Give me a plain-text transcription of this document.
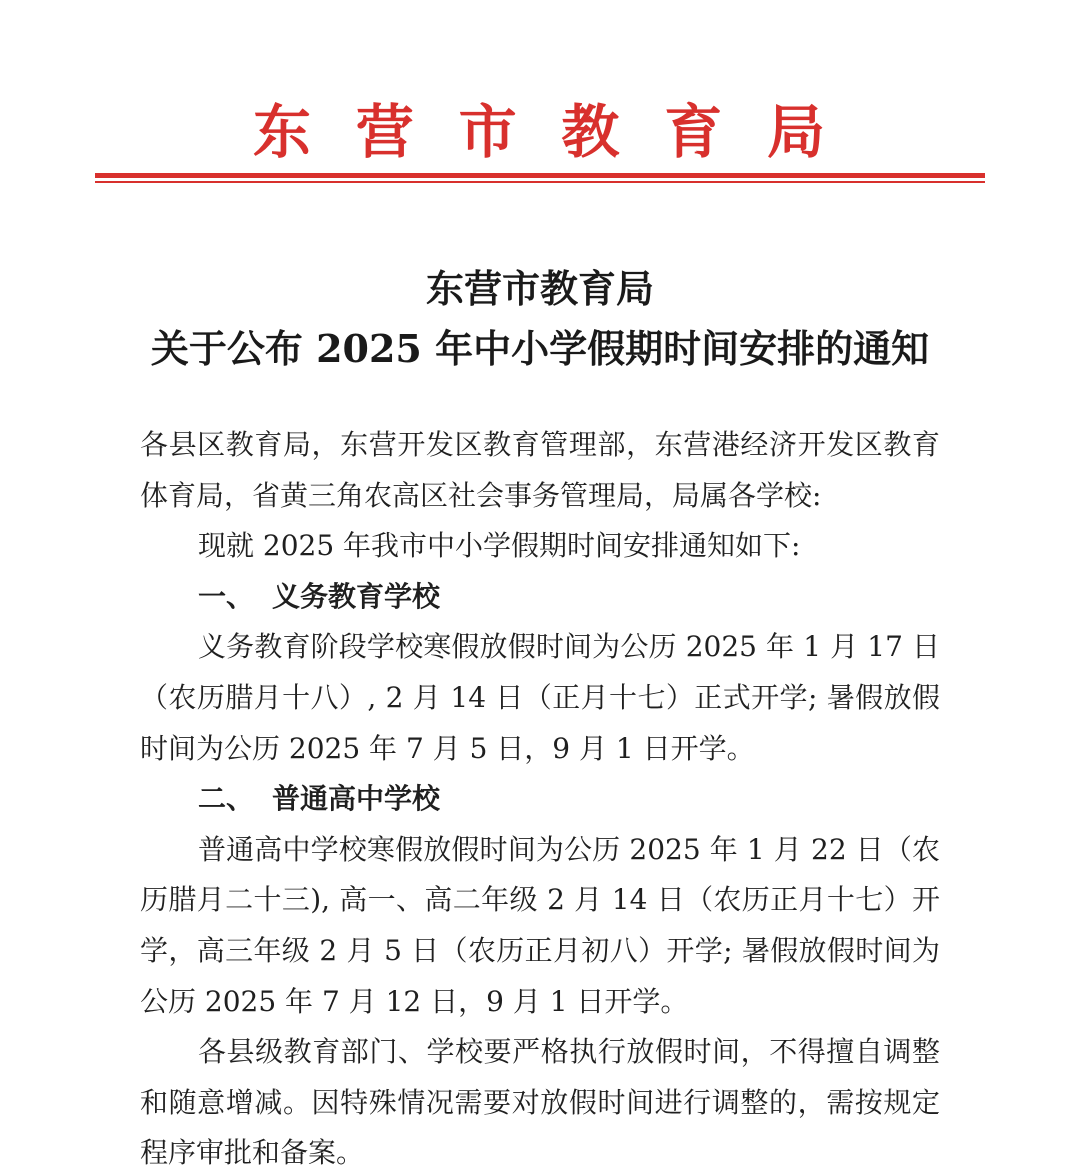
东 营 市 教 育 局
东营市教育局
关于公布 2025 年中小学假期时间安排的通知

各县区教育局，东营开发区教育管理部，东营港经济开发区教育体育局，省黄三角农高区社会事务管理局，局属各学校:

现就 2025 年我市中小学假期时间安排通知如下:

一、 义务教育学校

义务教育阶段学校寒假放假时间为公历 2025 年 1 月 17 日（农历腊月十八）, 2 月 14 日（正月十七）正式开学; 暑假放假时间为公历 2025 年 7 月 5 日，9 月 1 日开学。

二、 普通高中学校

普通高中学校寒假放假时间为公历 2025 年 1 月 22 日（农历腊月二十三), 高一、高二年级 2 月 14 日（农历正月十七）开学，高三年级 2 月 5 日（农历正月初八）开学; 暑假放假时间为公历 2025 年 7 月 12 日，9 月 1 日开学。

各县级教育部门、学校要严格执行放假时间，不得擅自调整和随意增减。因特殊情况需要对放假时间进行调整的，需按规定程序审批和备案。
